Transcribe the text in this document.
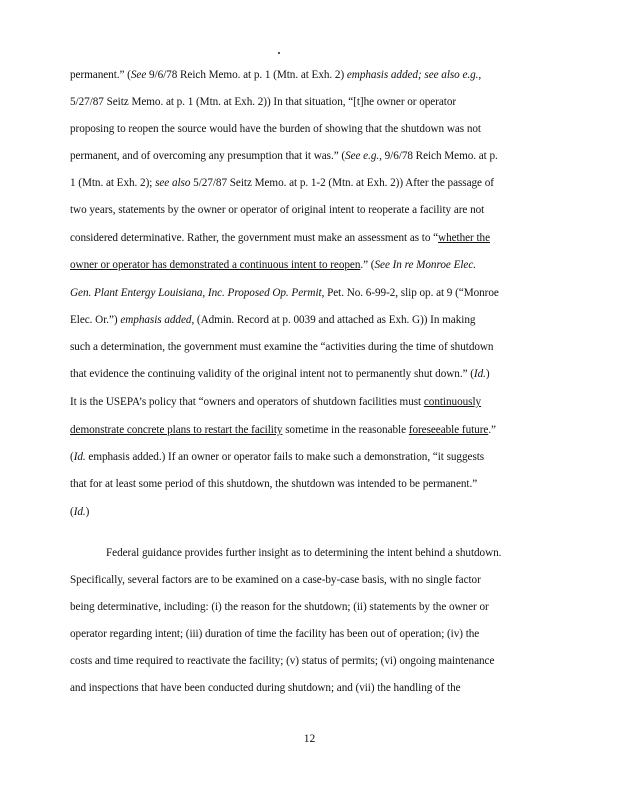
permanent.” (See 9/6/78 Reich Memo. at p. 1 (Mtn. at Exh. 2) emphasis added; see also e.g.,
5/27/87 Seitz Memo. at p. 1 (Mtn. at Exh. 2)) In that situation, “[t]he owner or operator
proposing to reopen the source would have the burden of showing that the shutdown was not
permanent, and of overcoming any presumption that it was.” (See e.g., 9/6/78 Reich Memo. at p.
1 (Mtn. at Exh. 2); see also 5/27/87 Seitz Memo. at p. 1-2 (Mtn. at Exh. 2)) After the passage of
two years, statements by the owner or operator of original intent to reoperate a facility are not
considered determinative. Rather, the government must make an assessment as to “whether the
owner or operator has demonstrated a continuous intent to reopen.” (See In re Monroe Elec.
Gen. Plant Entergy Louisiana, Inc. Proposed Op. Permit, Pet. No. 6-99-2, slip op. at 9 (“Monroe
Elec. Or.”) emphasis added, (Admin. Record at p. 0039 and attached as Exh. G)) In making
such a determination, the government must examine the “activities during the time of shutdown
that evidence the continuing validity of the original intent not to permanently shut down.” (Id.)
It is the USEPA’s policy that “owners and operators of shutdown facilities must continuously
demonstrate concrete plans to restart the facility sometime in the reasonable foreseeable future.”
(Id. emphasis added.) If an owner or operator fails to make such a demonstration, “it suggests
that for at least some period of this shutdown, the shutdown was intended to be permanent.”
(Id.)
Federal guidance provides further insight as to determining the intent behind a shutdown.
Specifically, several factors are to be examined on a case-by-case basis, with no single factor
being determinative, including: (i) the reason for the shutdown; (ii) statements by the owner or
operator regarding intent; (iii) duration of time the facility has been out of operation; (iv) the
costs and time required to reactivate the facility; (v) status of permits; (vi) ongoing maintenance
and inspections that have been conducted during shutdown; and (vii) the handling of the
12
